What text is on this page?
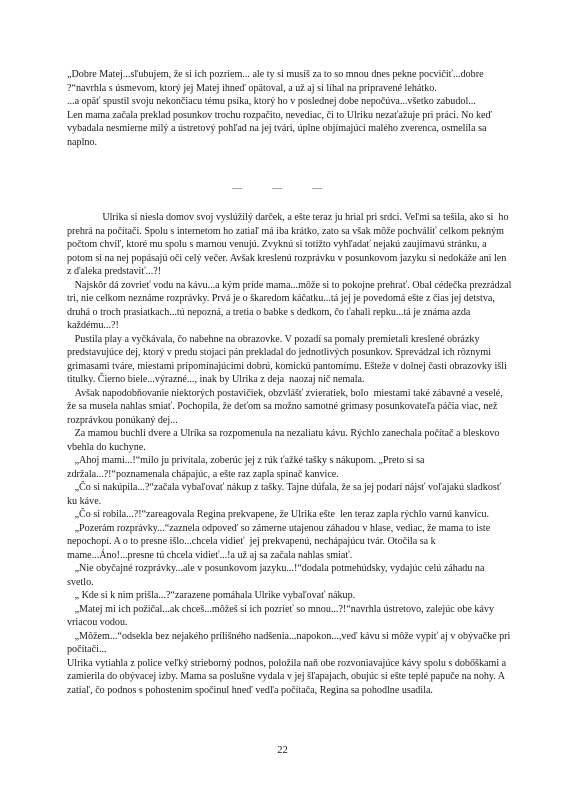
„Dobre Matej...sľubujem, že si ich pozriem... ale ty si musíš za to so mnou dnes pekne pocvičiť...dobre ?“navrhla s úsmevom, ktorý jej Matej ihneď opätoval, a už aj si líhal na pripravené lehátko.

...a opäť spustil svoju nekončiacu tému psíka, ktorý ho v poslednej dobe nepočúva...všetko zabudol...

Len mama začala preklad posunkov trochu rozpačito, nevediac, či to Ulriku nezaťažuje pri práci. No keď vybadala nesmierne milý a ústretový pohľad na jej tvári, úplne objímajúci malého zverenca, osmelila sa naplno.

—	—	—

Ulrika si niesla domov svoj vyslúžilý darček, a ešte teraz ju hrial pri srdci. Veľmi sa tešila, ako si  ho prehrá na počítači. Spolu s internetom ho zatiaľ má iba krátko, zato sa však môže pochváliť celkom pekným počtom chvíľ, ktoré mu spolu s marnou venujú. Zvyknú si totižto vyhľadať nejakú zaujímavú stránku, a potom si na nej popásajú oči celý večer. Avšak kreslenú rozprávku v posunkovom jazyku si nedokáže ani len z ďaleka predstaviť...?!

Najskôr dá zovrieť vodu na kávu...a kým príde mama...môže si to pokojne prehrať. Obal cédečka prezrádzal tri, nie celkom neznáme rozprávky. Prvá je o škaredom káčatku...tá jej je povedomá ešte z čias jej detstva, druhá o troch prasiatkach...tú nepozná, a tretia o babke s dedkom, čo ťahali repku...tá je známa azda každému...?!

Pustila play a vyčkávala, čo nabehne na obrazovke. V pozadí sa pomaly premietali kreslené obrázky predstavujúce dej, ktorý v predu stojaci pán prekladal do jednotlivých posunkov. Sprevádzal ich rôznymi grimasami tváre, miestami pripomínajúcimi dobrú, komickú pantomímu. Ešteže v dolnej časti obrazovky išli titulky. Čierno biele...výrazné..., inak by Ulrika z deja  naozaj nič nemala.

Avšak napodobňovanie niektorých postavičiek, obzvlášť zvieratiek, bolo  miestami také zábavné a veselé, že sa musela nahlas smiať. Pochopila, že deťom sa možno samotné grimasy posunkovateľa páčia viac, než rozprávkou ponúkaný dej...

Za mamou buchli dvere a Ulrika sa rozpomenula na nezaliatu kávu. Rýchlo zanechala počítač a bleskovo vbehla do kuchyne.

„Ahoj mami...!“milo ju privítala, zoberúc jej z rúk ťažké tašky s nákupom. „Preto si sa zdržala...?!“poznamenala chápajúc, a ešte raz zapla spínač kanvice.

„Čo si nakúpila...?“začala vybaľovať nákup z tašky. Tajne dúfala, že sa jej podarí nájsť voľajakú sladkosť ku káve.

„Čo si robila...?!“zareagovala Regina prekvapene, že Ulrika ešte  len teraz zapla rýchlo varnú kanvicu.

„Pozerám rozprávky...“zaznela odpoveď so zámerne utajenou záhadou v hlase, vediac, že mama to iste nepochopí. A o to presne išlo...chcela vidieť  jej prekvapenú, nechápajúcu tvár. Otočila sa k mame...Áno!...presne tú chcela vidieť...!a už aj sa začala nahlas smiať.

„Nie obyčajné rozprávky...ale v posunkovom jazyku...!“dodala potmehúdsky, vydajúc celú záhadu na svetlo.

„ Kde si k nim prišla...?“zarazene pomáhala Ulrike vybaľovať nákup.

„Matej mi ich požičal...ak chceš...môžeš si ich pozrieť so mnou...?!“navrhla ústretovo, zalejúc obe kávy vriacou vodou.

„Môžem...“odsekla bez nejakého prílišného nadšenia...napokon...,veď kávu si môže vypiť aj v obývačke pri počítači...

Ulrika vytiahla z police veľký strieborný podnos, položila naň obe rozvoniavajúce kávy spolu s dobőškami a zamierila do obývacej izby. Mama sa poslušne vydala v jej šľapajach, obujúc si ešte teplé papuče na nohy. A zatiaľ, čo podnos s pohostením spočinul hneď vedľa počítača, Regina sa pohodlne usadila.

22
